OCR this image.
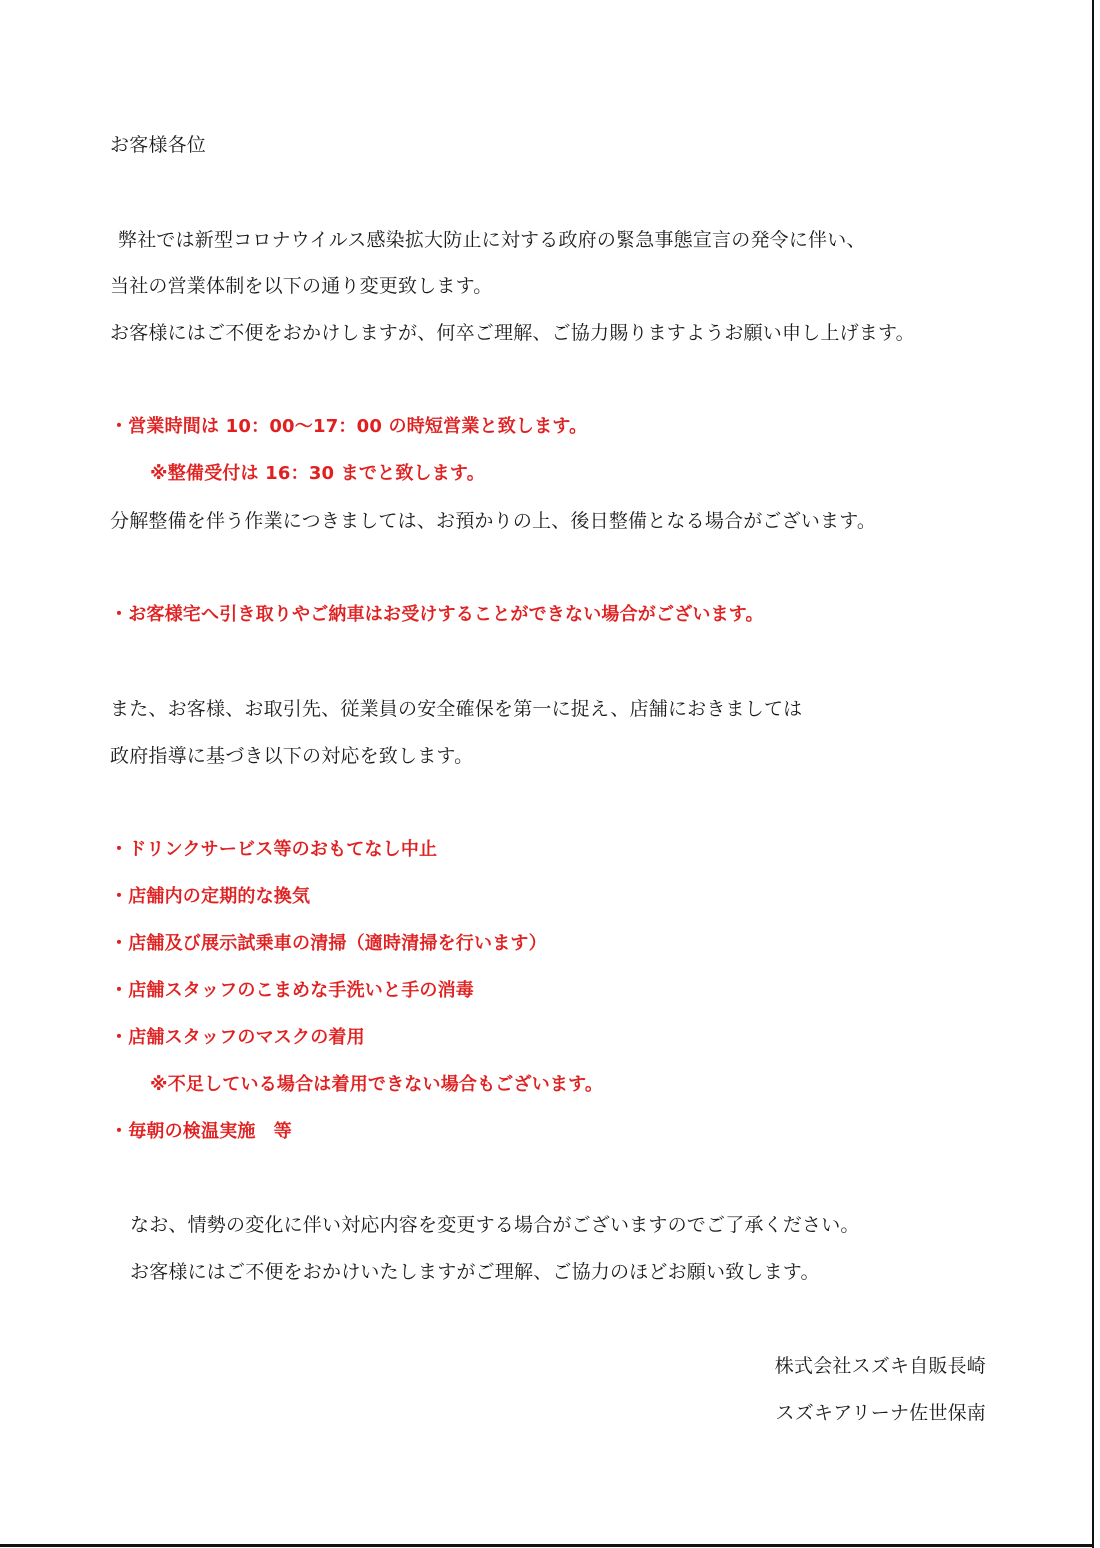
お客様各位
弊社では新型コロナウイルス感染拡大防止に対する政府の緊急事態宣言の発令に伴い、
当社の営業体制を以下の通り変更致します。
お客様にはご不便をおかけしますが、何卒ご理解、ご協力賜りますようお願い申し上げます。
・営業時間は 10：00～17：00 の時短営業と致します。
※整備受付は 16：30 までと致します。
分解整備を伴う作業につきましては、お預かりの上、後日整備となる場合がございます。
・お客様宅へ引き取りやご納車はお受けすることができない場合がございます。
また、お客様、お取引先、従業員の安全確保を第一に捉え、店舗におきましては
政府指導に基づき以下の対応を致します。
・ドリンクサービス等のおもてなし中止
・店舗内の定期的な換気
・店舗及び展示試乗車の清掃（適時清掃を行います）
・店舗スタッフのこまめな手洗いと手の消毒
・店舗スタッフのマスクの着用
※不足している場合は着用できない場合もございます。
・毎朝の検温実施　等
なお、情勢の変化に伴い対応内容を変更する場合がございますのでご了承ください。
お客様にはご不便をおかけいたしますがご理解、ご協力のほどお願い致します。
株式会社スズキ自販長崎
スズキアリーナ佐世保南
